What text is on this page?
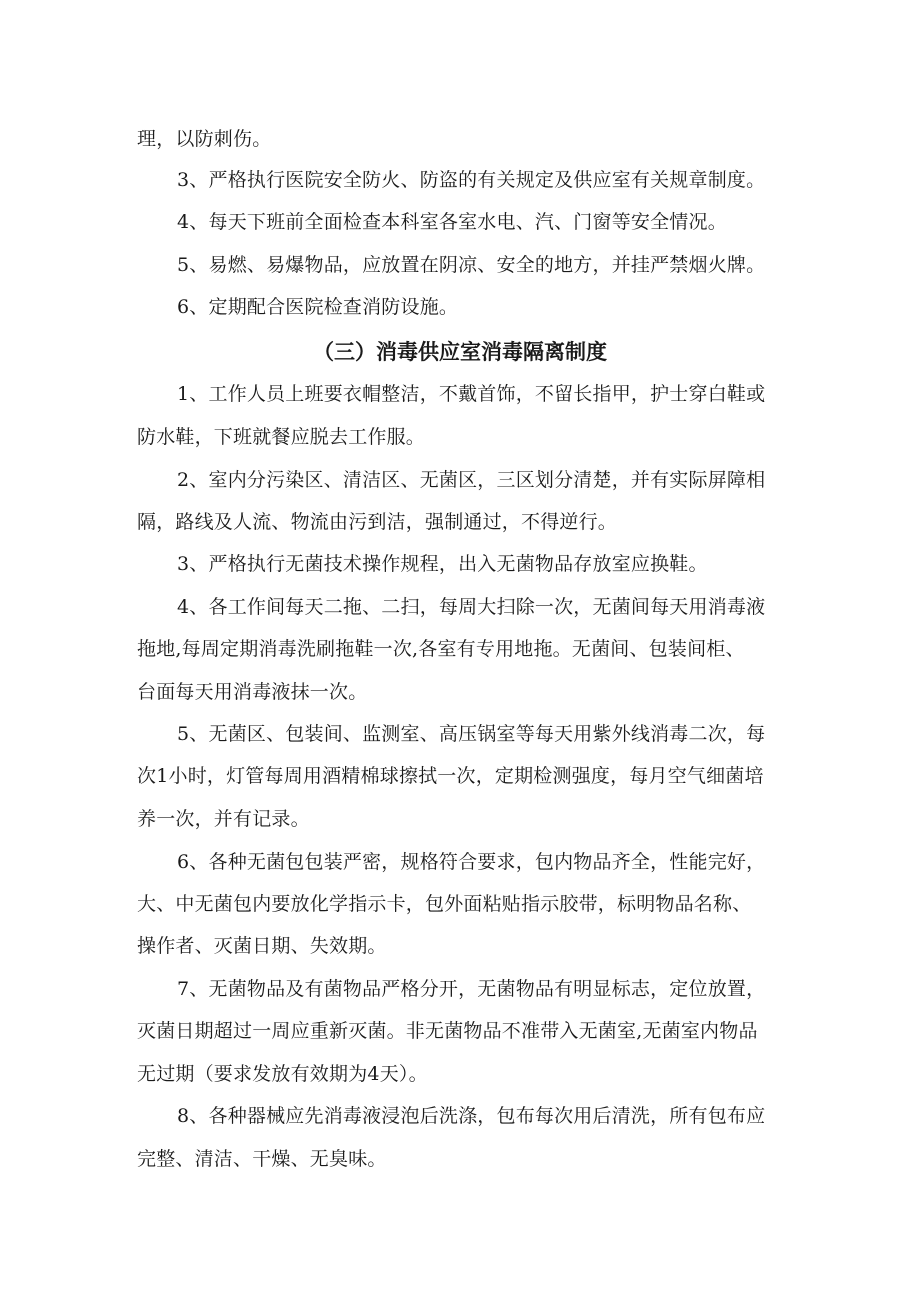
理，以防刺伤。
3、严格执行医院安全防火、防盗的有关规定及供应室有关规章制度。
4、每天下班前全面检查本科室各室水电、汽、门窗等安全情况。
5、易燃、易爆物品，应放置在阴凉、安全的地方，并挂严禁烟火牌。
6、定期配合医院检查消防设施。
（三）消毒供应室消毒隔离制度
1、工作人员上班要衣帽整洁，不戴首饰，不留长指甲，护士穿白鞋或
防水鞋，下班就餐应脱去工作服。
2、室内分污染区、清洁区、无菌区，三区划分清楚，并有实际屏障相
隔，路线及人流、物流由污到洁，强制通过，不得逆行。
3、严格执行无菌技术操作规程，出入无菌物品存放室应换鞋。
4、各工作间每天二拖、二扫，每周大扫除一次，无菌间每天用消毒液
拖地,每周定期消毒洗刷拖鞋一次,各室有专用地拖。无菌间、包装间柜、
台面每天用消毒液抹一次。
5、无菌区、包装间、监测室、高压锅室等每天用紫外线消毒二次，每
次1小时，灯管每周用酒精棉球擦拭一次，定期检测强度，每月空气细菌培
养一次，并有记录。
6、各种无菌包包装严密，规格符合要求，包内物品齐全，性能完好，
大、中无菌包内要放化学指示卡，包外面粘贴指示胶带，标明物品名称、
操作者、灭菌日期、失效期。
7、无菌物品及有菌物品严格分开，无菌物品有明显标志，定位放置，
灭菌日期超过一周应重新灭菌。非无菌物品不准带入无菌室,无菌室内物品
无过期（要求发放有效期为4天）。
8、各种器械应先消毒液浸泡后洗涤，包布每次用后清洗，所有包布应
完整、清洁、干燥、无臭味。
